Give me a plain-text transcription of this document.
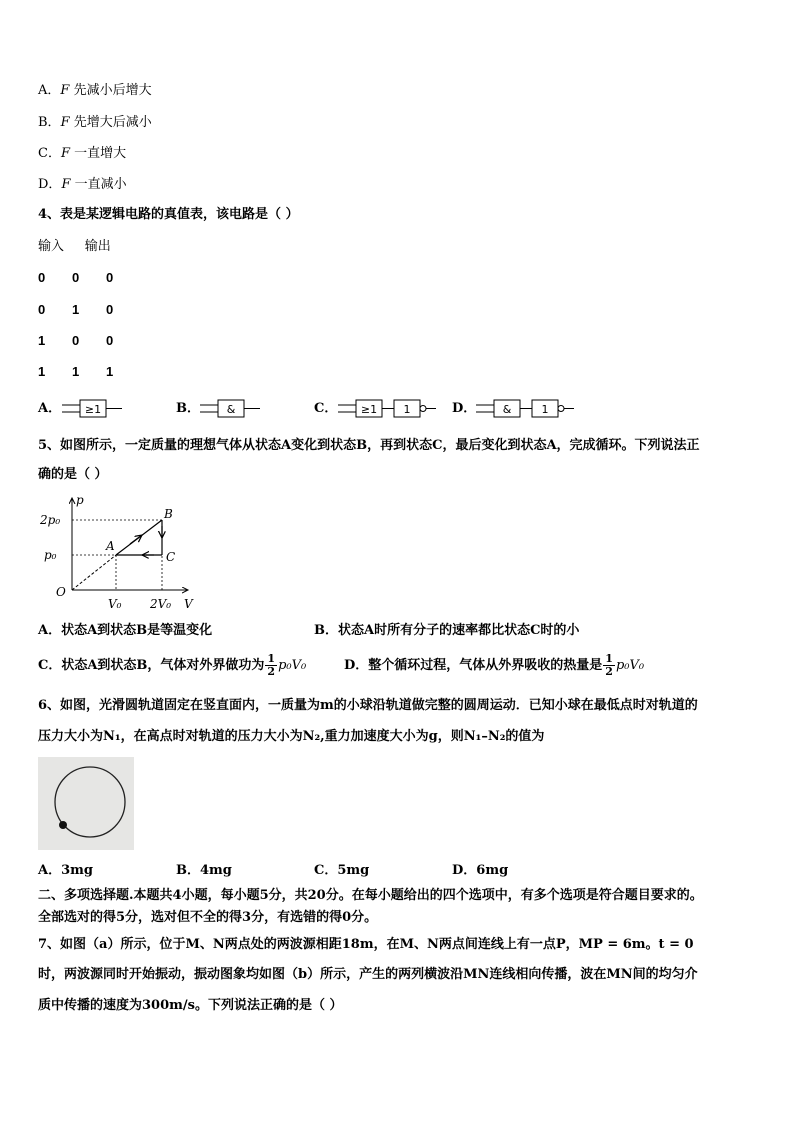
A．F 先减小后增大
B．F 先增大后减小
C．F 一直增大
D．F 一直减小
4、表是某逻辑电路的真值表，该电路是（ ）
输入 输出
0 0 0
0 1 0
1 0 0
1 1 1
A． ≥1	B． &	C． ≥1 1	D． &	1
5、如图所示，一定质量的理想气体从状态A变化到状态B，再到状态C，最后变化到状态A，完成循环。下列说法正
确的是（ ）
p
V
O
2p₀
p₀
V₀ 2V₀
A
B
C
A．状态A到状态B是等温变化	B．状态A时所有分子的速率都比状态C时的小
C．状态A到状态B，气体对外界做功为 $\frac{1}{2} p_0V_0$	D．整个循环过程，气体从外界吸收的热量是 $\frac{1}{2} p_0V_0$
6、如图，光滑圆轨道固定在竖直面内，一质量为m的小球沿轨道做完整的圆周运动．已知小球在最低点时对轨道的
压力大小为N₁，在高点时对轨道的压力大小为N₂,重力加速度大小为g，则N₁–N₂的值为
A．3mg	B．4mg	C．5mg	D．6mg
二、多项选择题.本题共4小题，每小题5分，共20分。在每小题给出的四个选项中，有多个选项是符合题目要求的。
全部选对的得5分，选对但不全的得3分，有选错的得0分。
7、如图（a）所示，位于M、N两点处的两波源相距18m，在M、N两点间连线上有一点P，MP = 6m。t = 0
时，两波源同时开始振动，振动图象均如图（b）所示，产生的两列横波沿MN连线相向传播，波在MN间的均匀介
质中传播的速度为300m/s。下列说法正确的是（ ）
